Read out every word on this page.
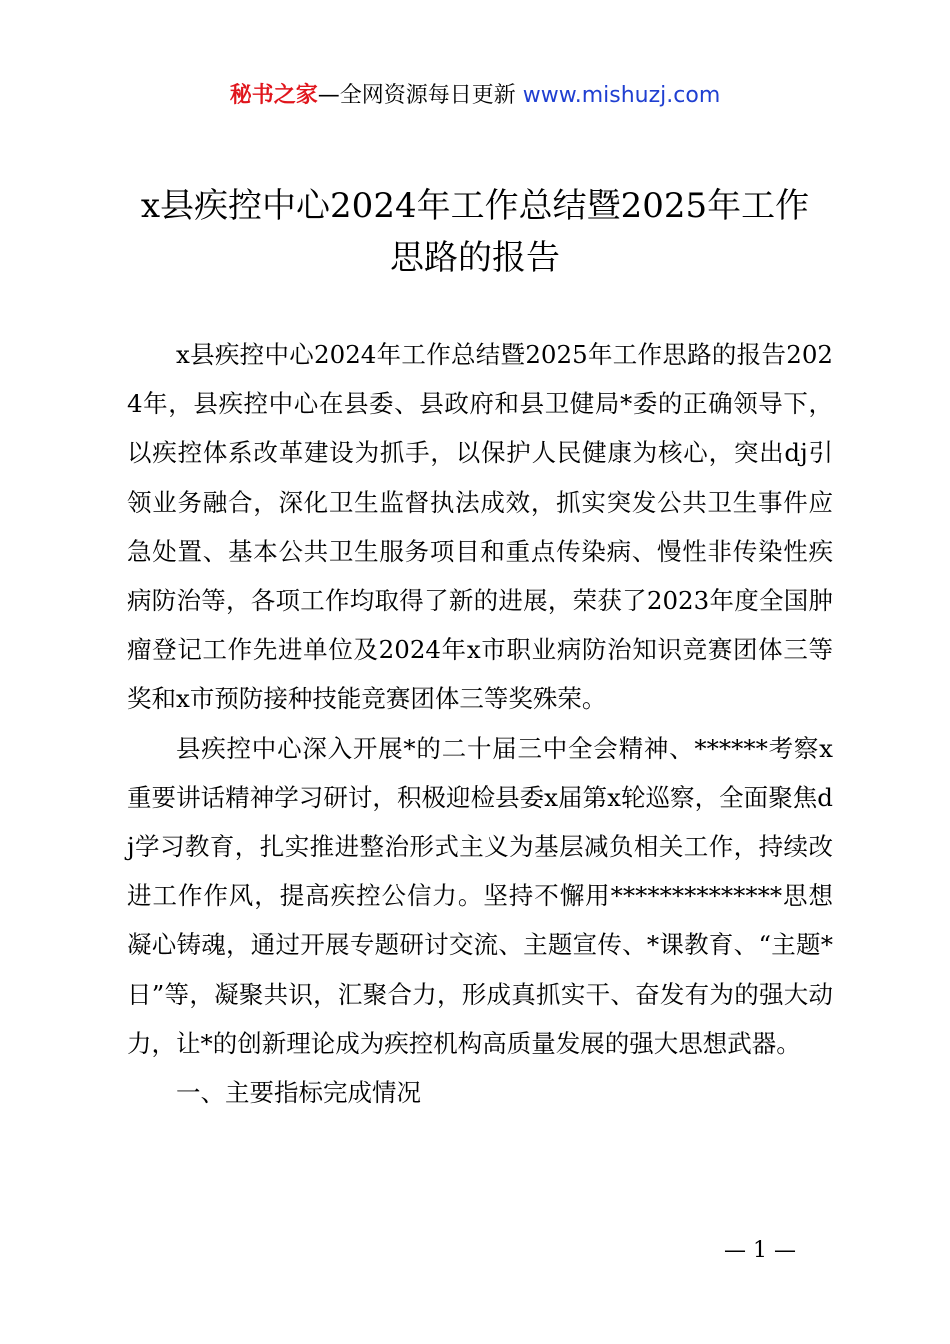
秘书之家—全网资源每日更新 www.mishuzj.com
x县疾控中心2024年工作总结暨2025年工作
思路的报告

x县疾控中心2024年工作总结暨2025年工作思路的报告2024年，县疾控中心在县委、县政府和县卫健局*委的正确领导下，以疾控体系改革建设为抓手，以保护人民健康为核心，突出dj引领业务融合，深化卫生监督执法成效，抓实突发公共卫生事件应急处置、基本公共卫生服务项目和重点传染病、慢性非传染性疾病防治等，各项工作均取得了新的进展，荣获了2023年度全国肿瘤登记工作先进单位及2024年x市职业病防治知识竞赛团体三等奖和x市预防接种技能竞赛团体三等奖殊荣。

县疾控中心深入开展*的二十届三中全会精神、******考察x重要讲话精神学习研讨，积极迎检县委x届第x轮巡察，全面聚焦dj学习教育，扎实推进整治形式主义为基层减负相关工作，持续改进工作作风，提高疾控公信力。坚持不懈用**************思想凝心铸魂，通过开展专题研讨交流、主题宣传、*课教育、“主题*日”等，凝聚共识，汇聚合力，形成真抓实干、奋发有为的强大动力，让*的创新理论成为疾控机构高质量发展的强大思想武器。

一、主要指标完成情况

— 1 —
